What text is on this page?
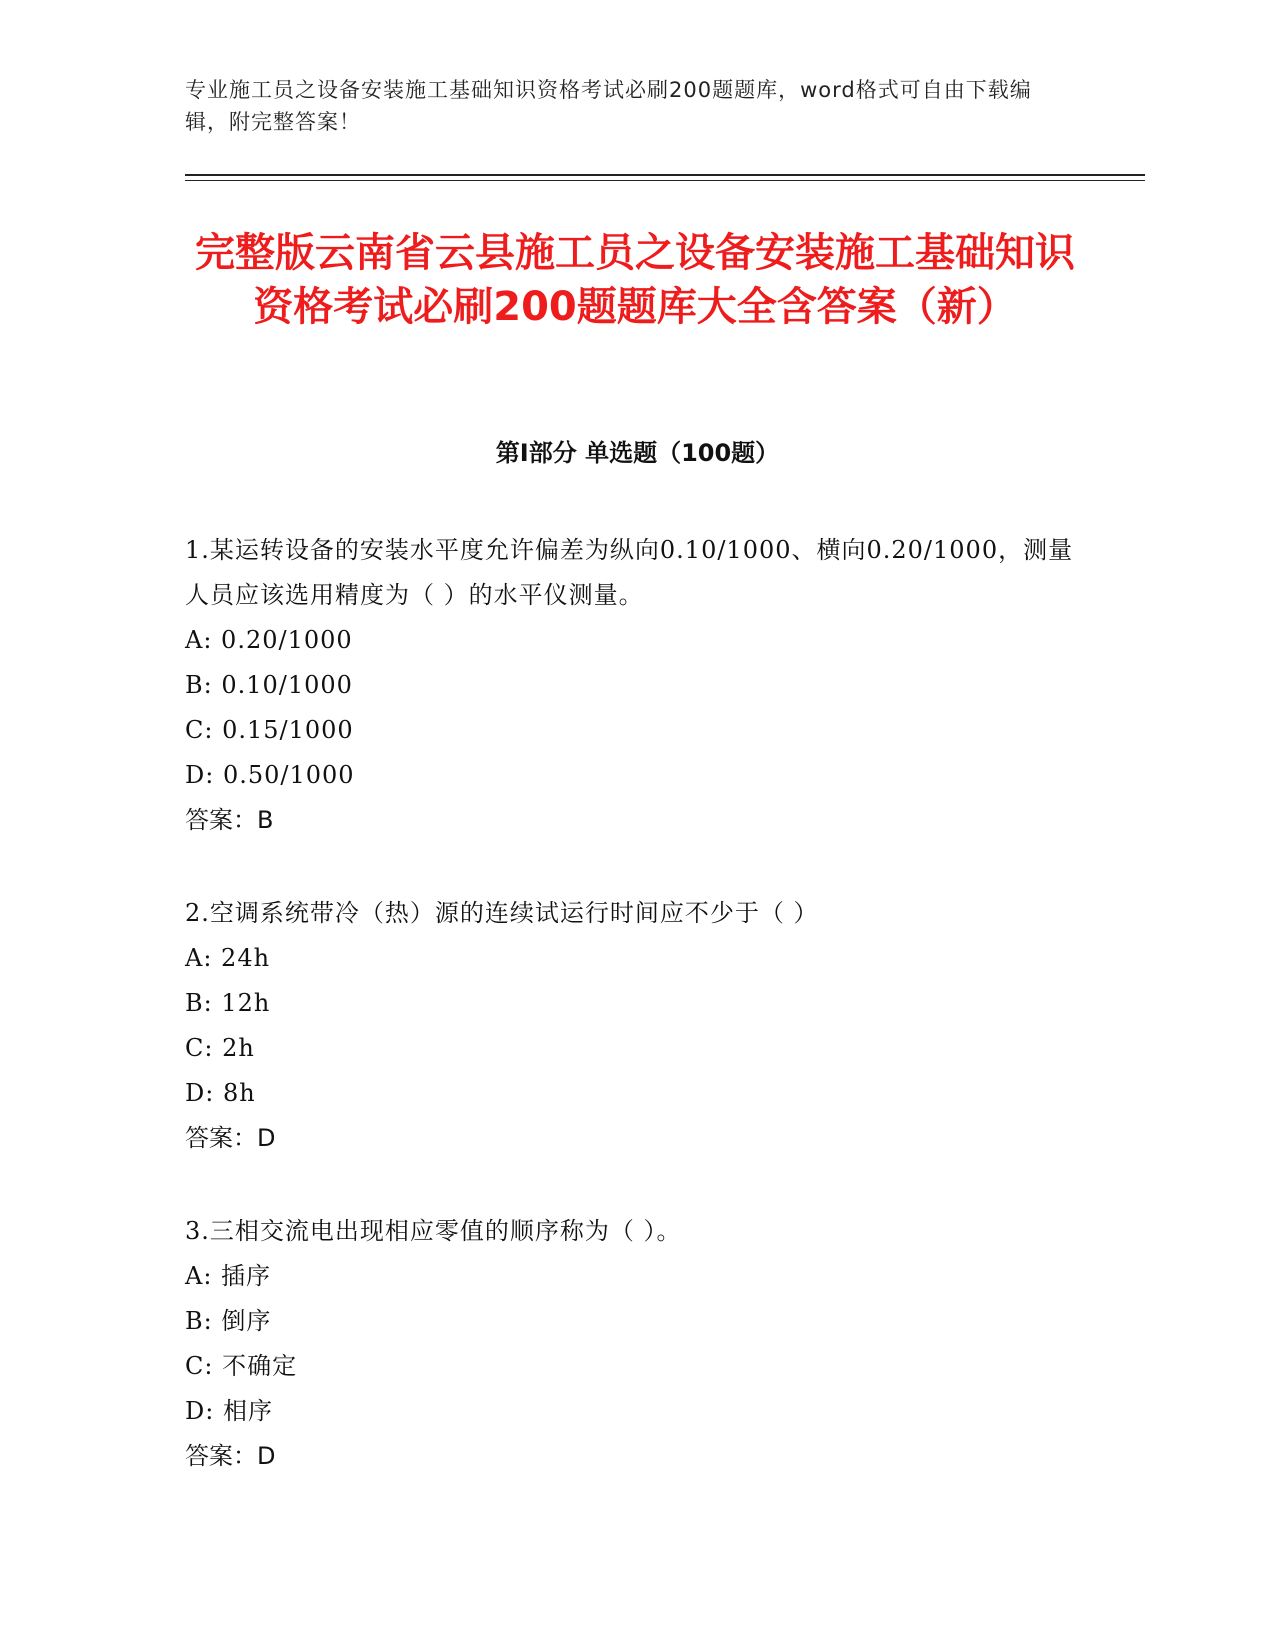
专业施工员之设备安装施工基础知识资格考试必刷200题题库，word格式可自由下载编辑，附完整答案！
完整版云南省云县施工员之设备安装施工基础知识资格考试必刷200题题库大全含答案（新）
第I部分 单选题（100题）
1.某运转设备的安装水平度允许偏差为纵向0.10/1000、横向0.20/1000，测量人员应该选用精度为（ ）的水平仪测量。
A: 0.20/1000
B: 0.10/1000
C: 0.15/1000
D: 0.50/1000
答案：B
2.空调系统带冷（热）源的连续试运行时间应不少于（ ）
A: 24h
B: 12h
C: 2h
D: 8h
答案：D
3.三相交流电出现相应零值的顺序称为（ ）。
A: 插序
B: 倒序
C: 不确定
D: 相序
答案：D
